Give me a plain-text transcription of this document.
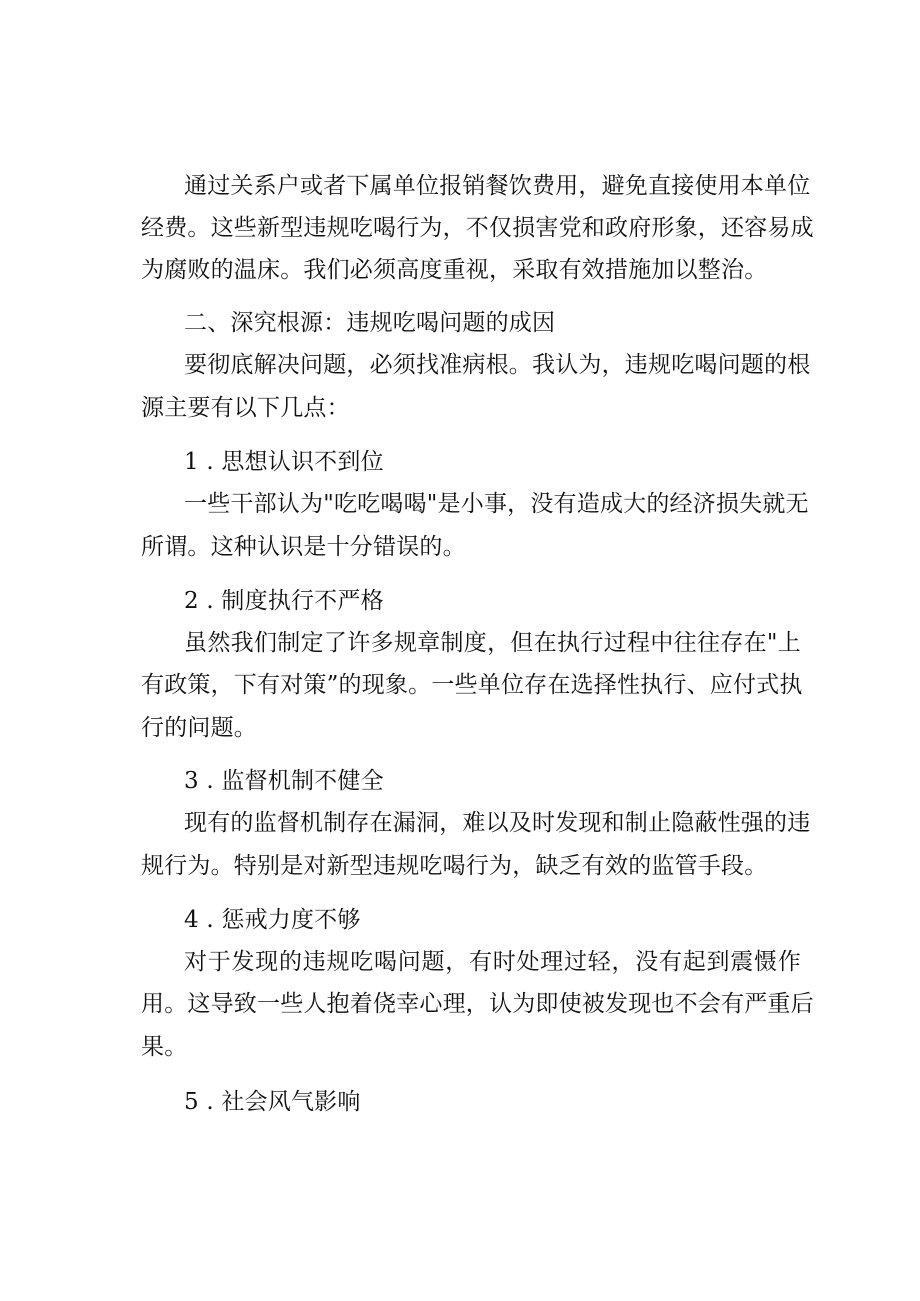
通过关系户或者下属单位报销餐饮费用，避免直接使用本单位
经费。这些新型违规吃喝行为，不仅损害党和政府形象，还容易成
为腐败的温床。我们必须高度重视，采取有效措施加以整治。
二、深究根源：违规吃喝问题的成因
要彻底解决问题，必须找准病根。我认为，违规吃喝问题的根
源主要有以下几点：
1 . 思想认识不到位
一些干部认为"吃吃喝喝"是小事，没有造成大的经济损失就无
所谓。这种认识是十分错误的。
2 . 制度执行不严格
虽然我们制定了许多规章制度，但在执行过程中往往存在"上
有政策，下有对策”的现象。一些单位存在选择性执行、应付式执
行的问题。
3 . 监督机制不健全
现有的监督机制存在漏洞，难以及时发现和制止隐蔽性强的违
规行为。特别是对新型违规吃喝行为，缺乏有效的监管手段。
4 . 惩戒力度不够
对于发现的违规吃喝问题，有时处理过轻，没有起到震慑作
用。这导致一些人抱着侥幸心理，认为即使被发现也不会有严重后
果。
5 . 社会风气影响
